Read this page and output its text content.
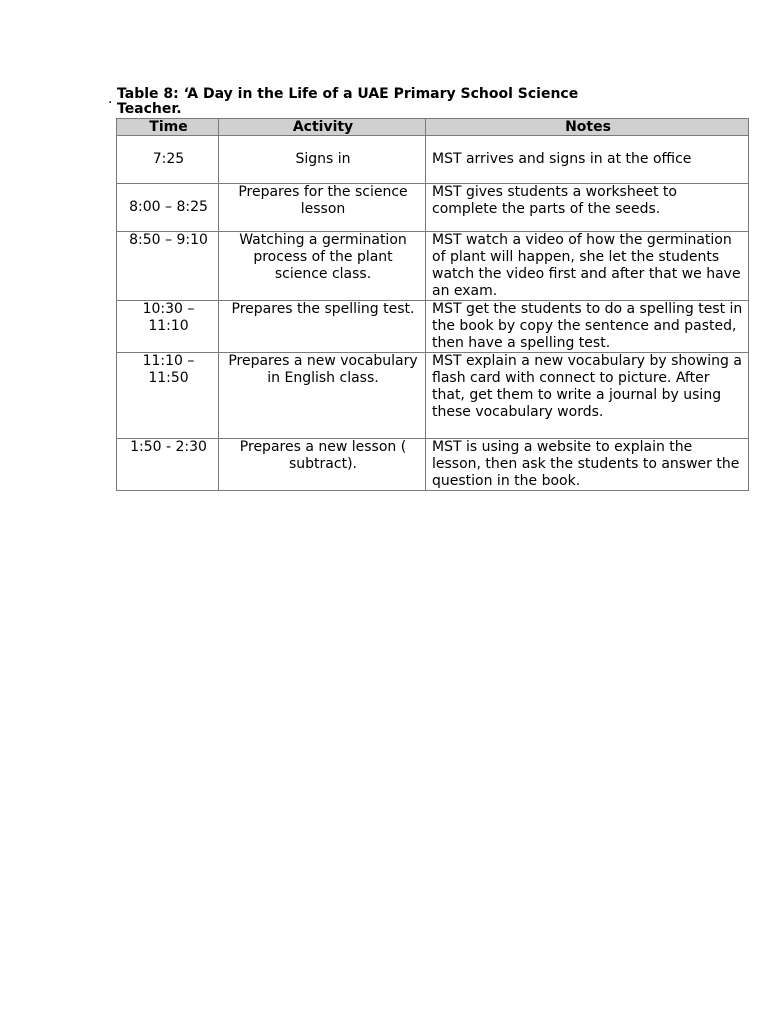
. Table 8: ‘A Day in the Life of a UAE Primary School Science Teacher.
Time	Activity	Notes
7:25	Signs in	MST arrives and signs in at the office
8:00 – 8:25	Prepares for the science lesson	MST gives students a worksheet to complete the parts of the seeds.
8:50 – 9:10	Watching a germination process of the plant science class.	MST watch a video of how the germination of plant will happen, she let the students watch the video first and after that we have an exam.
10:30 – 11:10	Prepares the spelling test.	MST get the students to do a spelling test in the book by copy the sentence and pasted, then have a spelling test.
11:10 – 11:50	Prepares a new vocabulary in English class.	MST explain a new vocabulary by showing a flash card with connect to picture. After that, get them to write a journal by using these vocabulary words.
1:50 - 2:30	Prepares a new lesson ( subtract).	MST is using a website to explain the lesson, then ask the students to answer the question in the book.
